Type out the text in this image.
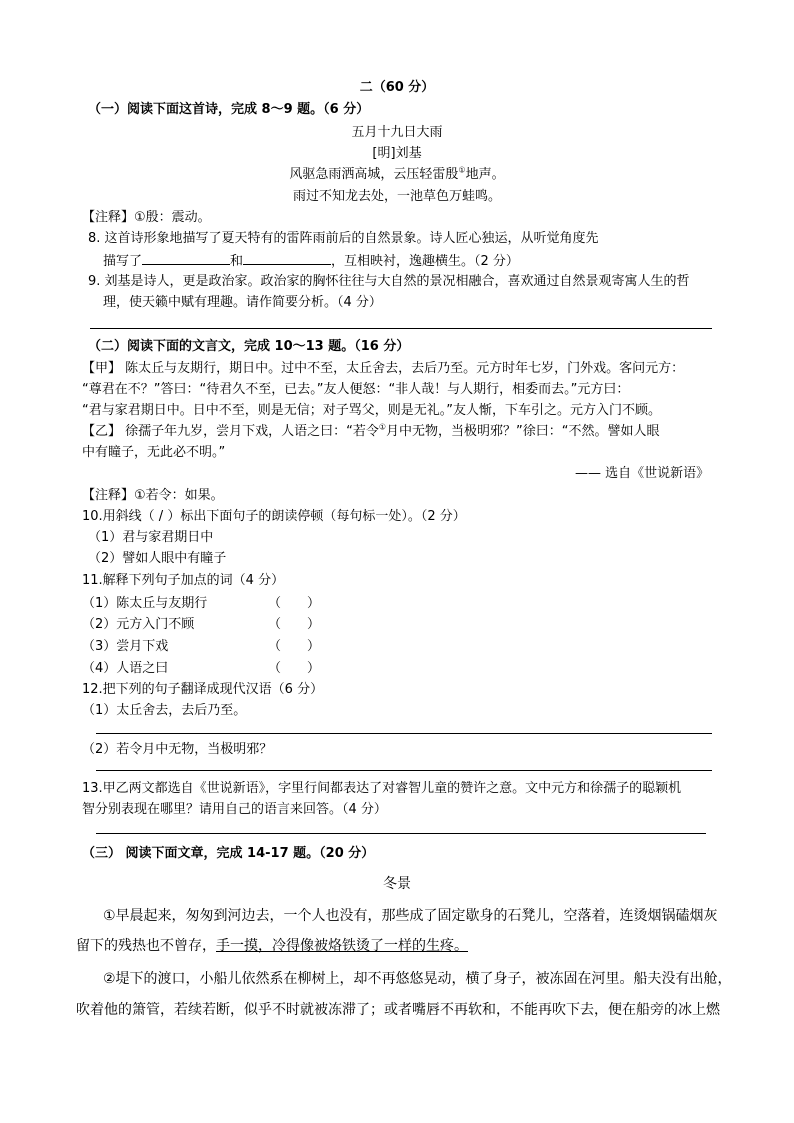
二（60 分）
（一）阅读下面这首诗，完成 8～9 题。（6 分）
五月十九日大雨
[明]刘基
风驱急雨洒高城，云压轻雷殷①地声。
雨过不知龙去处，一池草色万蛙鸣。
【注释】①殷：震动。
8. 这首诗形象地描写了夏天特有的雷阵雨前后的自然景象。诗人匠心独运，从听觉角度先
描写了	和	，互相映衬，逸趣横生。（2 分）
9. 刘基是诗人，更是政治家。政治家的胸怀往往与大自然的景况相融合，喜欢通过自然景观寄寓人生的哲
理，使天籁中赋有理趣。请作简要分析。（4 分）
（二）阅读下面的文言文，完成 10～13 题。（16 分）
【甲】 陈太丘与友期行，期日中。过中不至，太丘舍去，去后乃至。元方时年七岁，门外戏。客问元方：
“尊君在不？”答曰：“待君久不至，已去。”友人便怒：“非人哉！与人期行，相委而去。”元方曰：
“君与家君期日中。日中不至，则是无信；对子骂父，则是无礼。”友人惭，下车引之。元方入门不顾。
【乙】 徐孺子年九岁，尝月下戏，人语之曰：“若令①月中无物，当极明邪？”徐曰：“不然。譬如人眼
中有瞳子，无此必不明。”
—— 选自《世说新语》
【注释】①若令：如果。
10.用斜线（ / ）标出下面句子的朗读停顿（每句标一处）。（2 分）
（1）君与家君期日中
（2）譬如人眼中有瞳子
11.解释下列句子加点的词（4 分）
（1）陈太丘与友期行	（　　）
（2）元方入门不顾	（　　）
（3）尝月下戏	（　　）
（4）人语之曰	（　　）
12.把下列的句子翻译成现代汉语（6 分）
（1）太丘舍去，去后乃至。
（2）若令月中无物，当极明邪？
13.甲乙两文都选自《世说新语》，字里行间都表达了对睿智儿童的赞许之意。文中元方和徐孺子的聪颖机
智分别表现在哪里？请用自己的语言来回答。（4 分）
（三） 阅读下面文章，完成 14-17 题。（20 分）
冬景
①早晨起来，匆匆到河边去，一个人也没有，那些成了固定歇身的石凳儿，空落着，连烫烟锅磕烟灰
留下的残热也不曾存，手一摸，冷得像被烙铁烫了一样的生疼。
②堤下的渡口，小船儿依然系在柳树上，却不再悠悠晃动，横了身子，被冻固在河里。船夫没有出舱，
吹着他的箫管，若续若断，似乎不时就被冻滞了；或者嘴唇不再软和，不能再吹下去，便在船旁的冰上燃
